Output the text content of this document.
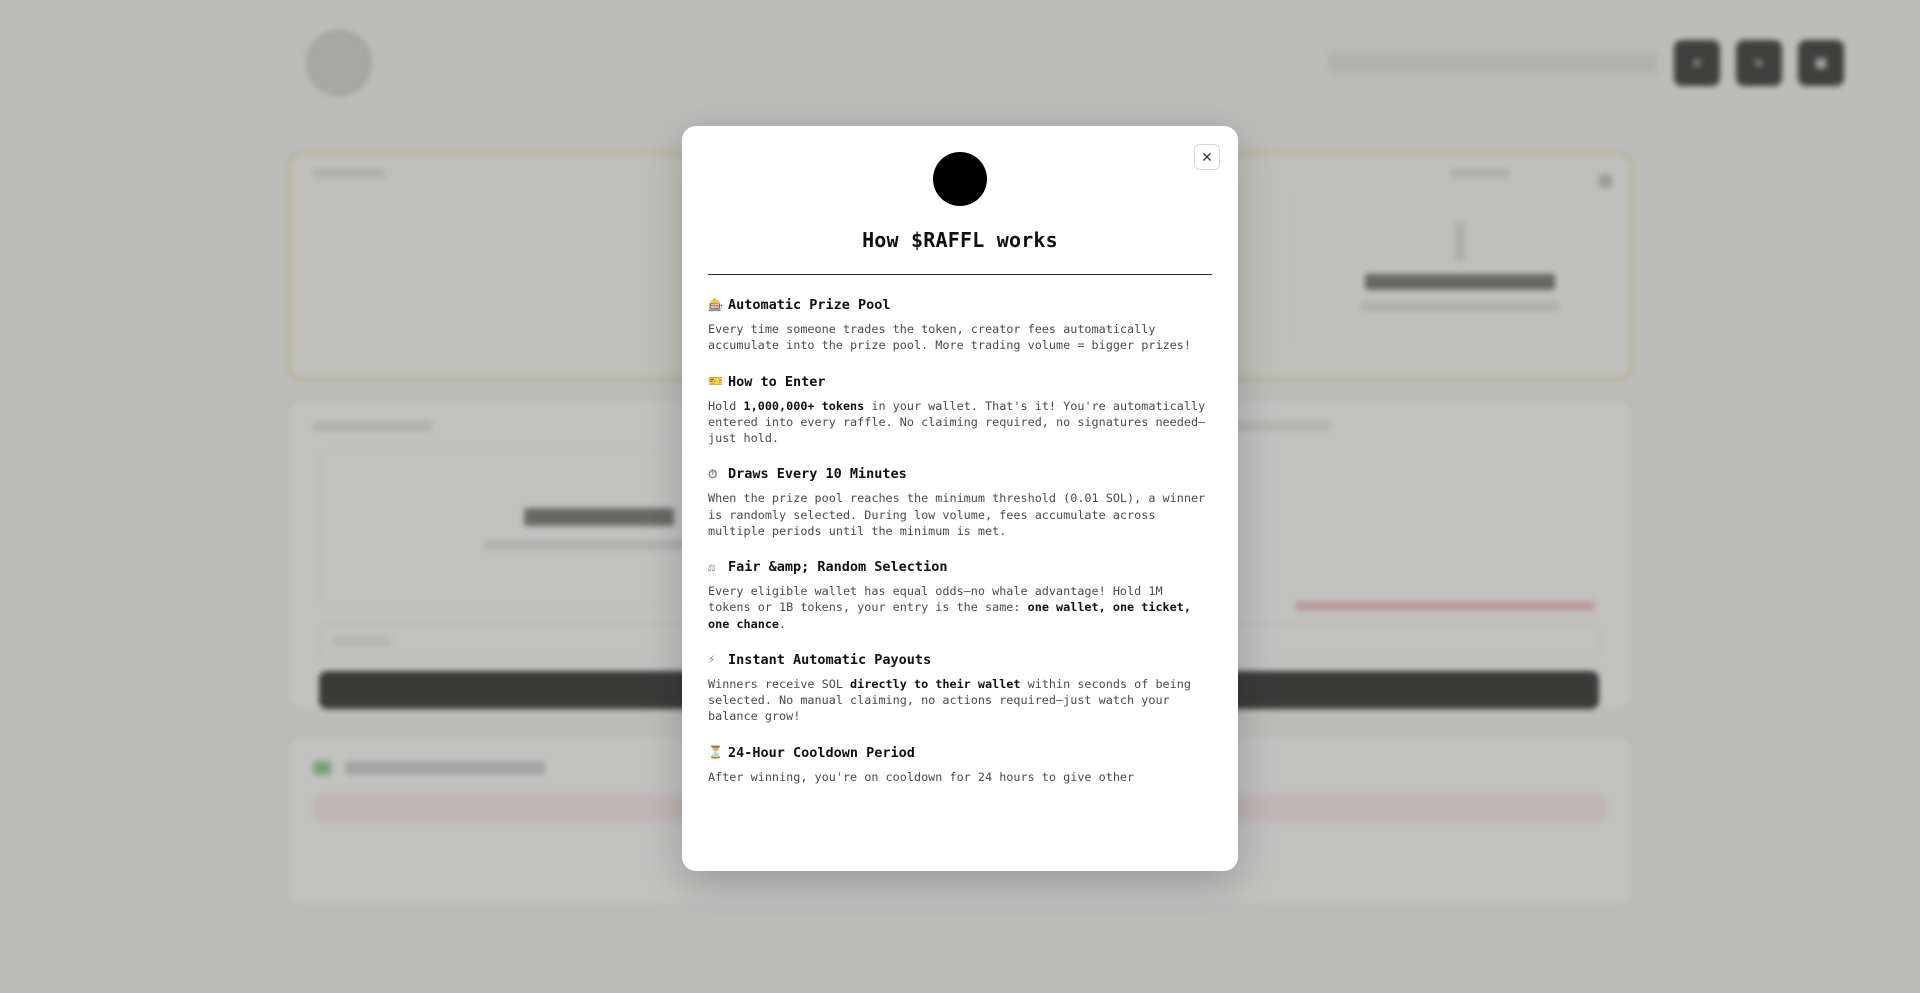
✕	✈	▦
✕
How $RAFFL works
🎰 Automatic Prize Pool
Every time someone trades the token, creator fees automatically accumulate into the prize pool. More trading volume = bigger prizes!
🎫 How to Enter
Hold 1,000,000+ tokens in your wallet. That's it! You're automatically entered into every raffle. No claiming required, no signatures needed—just hold.
⏱ Draws Every 10 Minutes
When the prize pool reaches the minimum threshold (0.01 SOL), a winner is randomly selected. During low volume, fees accumulate across multiple periods until the minimum is met.
⚖ Fair &amp; Random Selection
Every eligible wallet has equal odds—no whale advantage! Hold 1M tokens or 1B tokens, your entry is the same: one wallet, one ticket, one chance.
⚡ Instant Automatic Payouts
Winners receive SOL directly to their wallet within seconds of being selected. No manual claiming, no actions required—just watch your balance grow!
⏳ 24-Hour Cooldown Period
After winning, you're on cooldown for 24 hours to give other
